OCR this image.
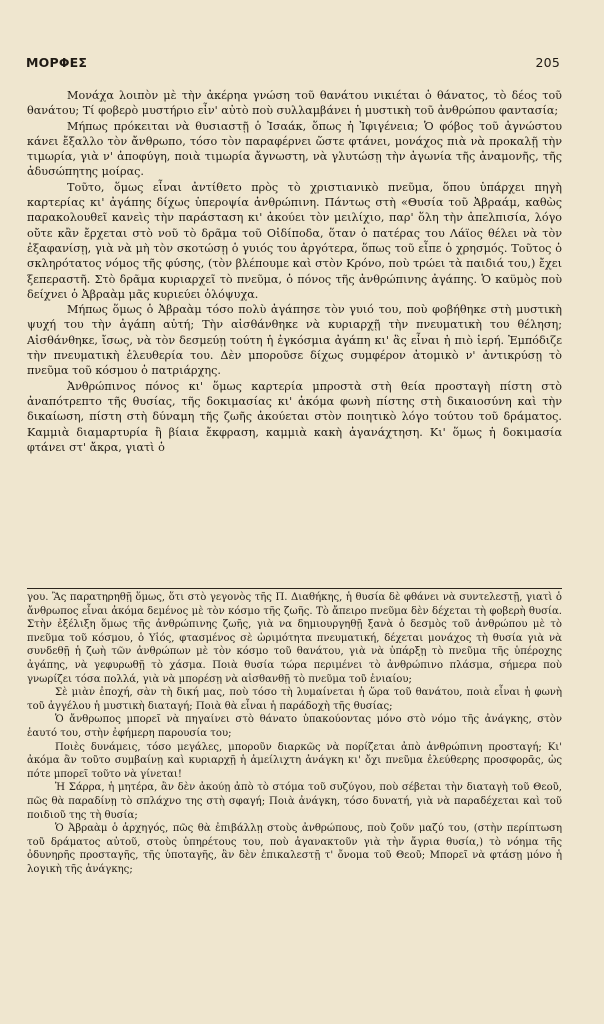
ΜΟΡΦΕΣ	205

Μονάχα λοιπὸν μὲ τὴν ἀκέρηα γνώση τοῦ θανάτου νικιέται ὁ θάνατος, τὸ δέος τοῦ θανάτου; Τί φοβερὸ μυστήριο εἶν' αὐτὸ ποὺ συλλαμβάνει ἡ μυστικὴ τοῦ ἀνθρώπου φαντασία;

Μήπως πρόκειται νὰ θυσιαστῇ ὁ Ἰσαάκ, ὅπως ἡ Ἰφιγένεια; Ὁ φόβος τοῦ ἀγνώστου κάνει ἔξαλλο τὸν ἄνθρωπο, τόσο τὸν παραφέρνει ὥστε φτάνει, μονάχος πιὰ νὰ προκαλῇ τὴν τιμωρία, γιὰ ν' ἀποφύγη, ποιὰ τιμωρία ἄγνωστη, νὰ γλυτώσῃ τὴν ἀγωνία τῆς ἀναμονῆς, τῆς ἀδυσώπητης μοίρας.

Τοῦτο, ὅμως εἶναι ἀντίθετο πρὸς τὸ χριστιανικὸ πνεῦμα, ὅπου ὑπάρχει πηγὴ καρτερίας κι' ἀγάπης δίχως ὑπεροψία ἀνθρώπινη. Πάντως στὴ «Θυσία τοῦ Ἀβραάμ, καθὼς παρακολουθεῖ κανεὶς τὴν παράσταση κι' ἀκούει τὸν μειλίχιο, παρ' ὅλη τὴν ἀπελπισία, λόγο οὔτε κἂν ἔρχεται στὸ νοῦ τὸ δρᾶμα τοῦ Οἰδίποδα, ὅταν ὁ πατέρας του Λάϊος θέλει νὰ τὸν ἐξαφανίσῃ, γιὰ νὰ μὴ τὸν σκοτώσῃ ὁ γυιός του ἀργότερα, ὅπως τοῦ εἶπε ὁ χρησμός. Τοῦτος ὁ σκληρότατος νόμος τῆς φύσης, (τὸν βλέπουμε καὶ στὸν Κρόνο, ποὺ τρώει τὰ παιδιά του,) ἔχει ξεπεραστῆ. Στὸ δρᾶμα κυριαρχεῖ τὸ πνεῦμα, ὁ πόνος τῆς ἀνθρώπινης ἀγάπης. Ὁ καϋμὸς ποὺ δείχνει ὁ Ἀβραὰμ μᾶς κυριεύει ὁλόψυχα.

Μήπως ὅμως ὁ Ἀβραὰμ τόσο πολὺ ἀγάπησε τὸν γυιό του, ποὺ φοβήθηκε στὴ μυστικὴ ψυχή του τὴν ἀγάπη αὐτή; Τὴν αἰσθάνθηκε νὰ κυριαρχῇ τὴν πνευματικὴ του θέληση; Αἰσθάνθηκε, ἴσως, νὰ τὸν δεσμεύῃ τούτη ἡ ἐγκόσμια ἀγάπη κι' ἂς εἶναι ἡ πιὸ ἱερή. Ἐμπόδιζε τὴν πνευματικὴ ἐλευθερία του. Δὲν μποροῦσε δίχως συμφέρον ἀτομικὸ ν' ἀντικρύσῃ τὸ πνεῦμα τοῦ κόσμου ὁ πατριάρχης.

Ἀνθρώπινος πόνος κι' ὅμως καρτερία μπροστὰ στὴ θεία προσταγὴ πίστη στὸ ἀναπότρεπτο τῆς θυσίας, τῆς δοκιμασίας κι' ἀκόμα φωνὴ πίστης στὴ δικαιοσύνη καὶ τὴν δικαίωση, πίστη στὴ δύναμη τῆς ζωῆς ἀκούεται στὸν ποιητικὸ λόγο τούτου τοῦ δράματος. Καμμιὰ διαμαρτυρία ἢ βίαια ἔκφραση, καμμιὰ κακὴ ἀγανάχτηση. Κι' ὅμως ἡ δοκιμασία φτάνει στ' ἄκρα, γιατὶ ὁ

γου. Ἂς παρατηρηθῇ ὅμως, ὅτι στὸ γεγονὸς τῆς Π. Διαθήκης, ἡ θυσία δὲ φθάνει νὰ συντελεστῇ, γιατὶ ὁ ἄνθρωπος εἶναι ἀκόμα δεμένος μὲ τὸν κόσμο τῆς ζωῆς. Τὸ ἄπειρο πνεῦμα δὲν δέχεται τὴ φοβερὴ θυσία. Στὴν ἐξέλιξη ὅμως τῆς ἀνθρώπινης ζωῆς, γιὰ να δημιουργηθῇ ξανὰ ὁ δεσμὸς τοῦ ἀνθρώπου μὲ τὸ πνεῦμα τοῦ κόσμου, ὁ Υἱός, φτασμένος σὲ ὡριμότητα πνευματική, δέχεται μονάχος τὴ θυσία γιὰ νὰ συνδεθῇ ἡ ζωὴ τῶν ἀνθρώπων μὲ τὸν κόσμο τοῦ θανάτου, γιὰ νὰ ὑπάρξῃ τὸ πνεῦμα τῆς ὑπέροχης ἀγάπης, νὰ γεφυρωθῇ τὸ χάσμα. Ποιὰ θυσία τώρα περιμένει τὸ ἀνθρώπινο πλάσμα, σήμερα ποὺ γνωρίζει τόσα πολλά, γιὰ νὰ μπορέσῃ νὰ αἰσθανθῇ τὸ πνεῦμα τοῦ ἐνιαίου;

Σὲ μιὰν ἐποχή, σὰν τὴ δική μας, ποὺ τόσο τὴ λυμαίνεται ἡ ὥρα τοῦ θανάτου, ποιὰ εἶναι ἡ φωνὴ τοῦ ἀγγέλου ἡ μυστικὴ διαταγή; Ποιὰ θὰ εἶναι ἡ παράδοχὴ τῆς θυσίας;

Ὁ ἄνθρωπος μπορεῖ νὰ πηγαίνει στὸ θάνατο ὑπακούοντας μόνο στὸ νόμο τῆς ἀνάγκης, στὸν ἑαυτό του, στὴν ἐφήμερη παρουσία του;

Ποιὲς δυνάμεις, τόσο μεγάλες, μποροῦν διαρκῶς νὰ πορίζεται ἀπὸ ἀνθρώπινη προσταγή; Κι' ἀκόμα ἂν τοῦτο συμβαίνῃ καὶ κυριαρχῇ ἡ ἀμείλιχτη ἀνάγκη κι' ὄχι πνεῦμα ἐλεύθερης προσφορᾶς, ὡς πότε μπορεῖ τοῦτο νὰ γίνεται!

Ἡ Σάρρα, ἡ μητέρα, ἂν δὲν ἀκούῃ ἀπὸ τὸ στόμα τοῦ συζύγου, ποὺ σέβεται τὴν διαταγὴ τοῦ Θεοῦ, πῶς θὰ παραδίνῃ τὸ σπλάχνο της στὴ σφαγή; Ποιὰ ἀνάγκη, τόσο δυνατή, γιὰ νὰ παραδέχεται καὶ τοῦ ποιδιοῦ της τὴ θυσία;

Ὁ Ἀβραὰμ ὁ ἀρχηγός, πῶς θὰ ἐπιβάλλῃ στοὺς ἀνθρώπους, ποὺ ζοῦν μαζύ του, (στὴν περίπτωση τοῦ δράματος αὐτοῦ, στοὺς ὑπηρέτους του, ποὺ ἀγανακτοῦν γιὰ τὴν ἄγρια θυσία,) τὸ νόημα τῆς ὀδυνηρῆς προσταγῆς, τῆς ὑποταγῆς, ἂν δὲν ἐπικαλεστῇ τ' ὄνομα τοῦ Θεοῦ; Μπορεῖ νὰ φτάσῃ μόνο ἡ λογικὴ τῆς ἀνάγκης;
